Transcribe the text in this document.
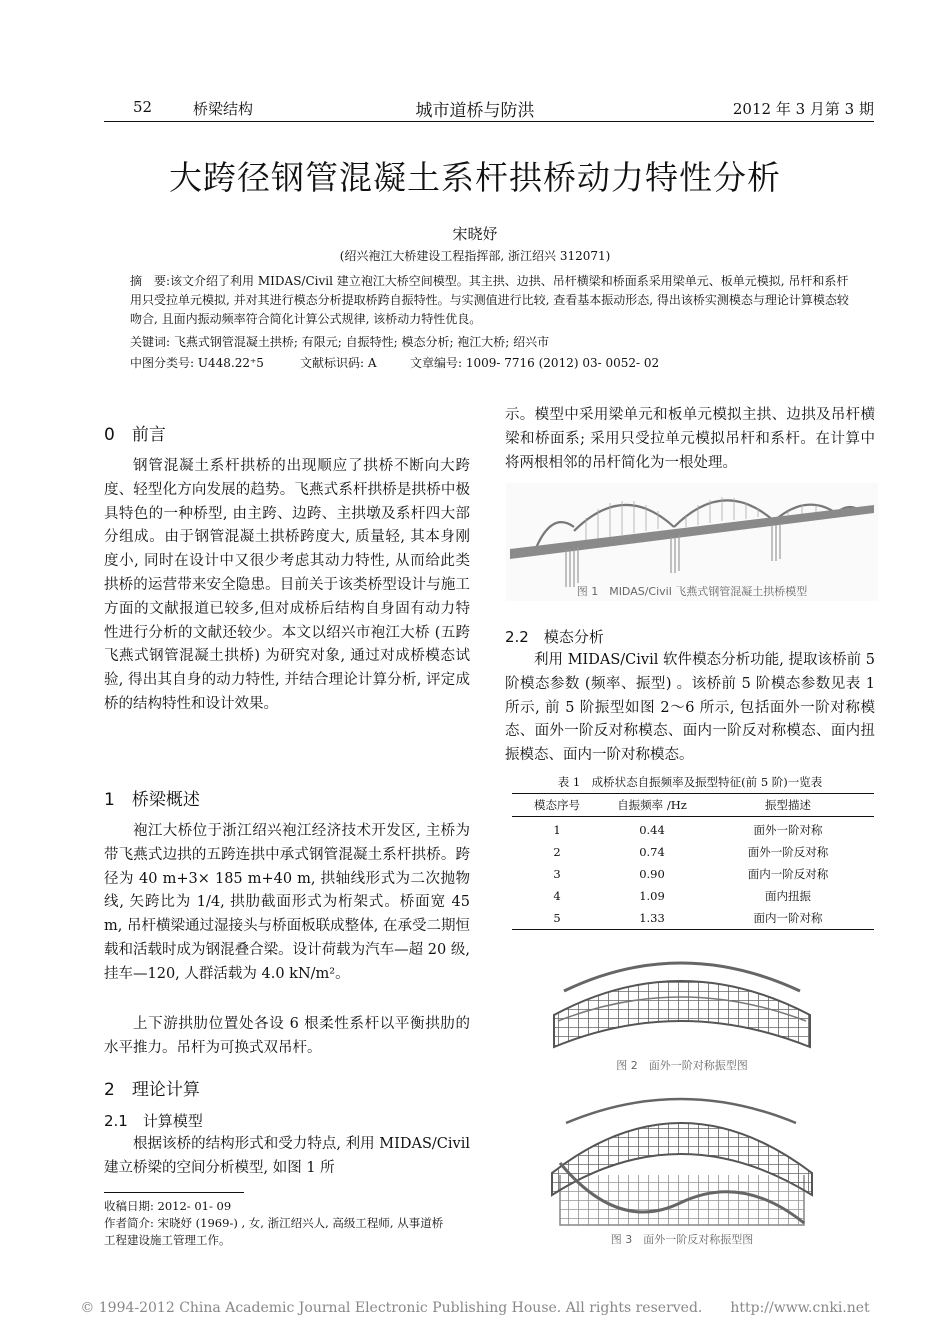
52	桥梁结构	城市道桥与防洪	2012 年 3 月第 3 期
大跨径钢管混凝土系杆拱桥动力特性分析
宋晓妤
(绍兴袍江大桥建设工程指挥部, 浙江绍兴 312071)

摘　要:该文介绍了利用 MIDAS/Civil 建立袍江大桥空间模型。其主拱、边拱、吊杆横梁和桥面系采用梁单元、板单元模拟, 吊杆和系杆用只受拉单元模拟, 并对其进行模态分析提取桥跨自振特性。与实测值进行比较, 查看基本振动形态, 得出该桥实测模态与理论计算模态较吻合, 且面内振动频率符合简化计算公式规律, 该桥动力特性优良。

关键词: 飞燕式钢管混凝土拱桥; 有限元; 自振特性; 模态分析; 袍江大桥; 绍兴市
中图分类号: U448.22⁺5	文献标识码: A	文章编号: 1009- 7716 (2012) 03- 0052- 02
0　前言

钢管混凝土系杆拱桥的出现顺应了拱桥不断向大跨度、轻型化方向发展的趋势。飞燕式系杆拱桥是拱桥中极具特色的一种桥型, 由主跨、边跨、主拱墩及系杆四大部分组成。由于钢管混凝土拱桥跨度大, 质量轻, 其本身刚度小, 同时在设计中又很少考虑其动力特性, 从而给此类拱桥的运营带来安全隐患。目前关于该类桥型设计与施工方面的文献报道已较多,但对成桥后结构自身固有动力特性进行分析的文献还较少。本文以绍兴市袍江大桥 (五跨飞燕式钢管混凝土拱桥) 为研究对象, 通过对成桥模态试验, 得出其自身的动力特性, 并结合理论计算分析, 评定成桥的结构特性和设计效果。

1　桥梁概述

袍江大桥位于浙江绍兴袍江经济技术开发区, 主桥为带飞燕式边拱的五跨连拱中承式钢管混凝土系杆拱桥。跨径为 40 m+3× 185 m+40 m, 拱轴线形式为二次抛物线, 矢跨比为 1/4, 拱肋截面形式为桁架式。桥面宽 45 m, 吊杆横梁通过湿接头与桥面板联成整体, 在承受二期恒载和活载时成为钢混叠合梁。设计荷载为汽车—超 20 级, 挂车—120, 人群活载为 4.0 kN/m²。

上下游拱肋位置处各设 6 根柔性系杆以平衡拱肋的水平推力。吊杆为可换式双吊杆。

2　理论计算
2.1　计算模型

根据该桥的结构形式和受力特点, 利用 MIDAS/Civil 建立桥梁的空间分析模型, 如图 1 所

收稿日期: 2012- 01- 09
作者简介: 宋晓妤 (1969-) , 女, 浙江绍兴人, 高级工程师, 从事道桥工程建设施工管理工作。

示。模型中采用梁单元和板单元模拟主拱、边拱及吊杆横梁和桥面系; 采用只受拉单元模拟吊杆和系杆。在计算中将两根相邻的吊杆简化为一根处理。

图 1　MIDAS/Civil 飞燕式钢管混凝土拱桥模型
2.2　模态分析

利用 MIDAS/Civil 软件模态分析功能, 提取该桥前 5 阶模态参数 (频率、振型) 。该桥前 5 阶模态参数见表 1 所示, 前 5 阶振型如图 2～6 所示, 包括面外一阶对称模态、面外一阶反对称模态、面内一阶反对称模态、面内扭振模态、面内一阶对称模态。

表 1　成桥状态自振频率及振型特征(前 5 阶)一览表
模态序号	自振频率 /Hz	振型描述
1	0.44	面外一阶对称
2	0.74	面外一阶反对称
3	0.90	面内一阶反对称
4	1.09	面内扭振
5	1.33	面内一阶对称
图 2　面外一阶对称振型图
图 3　面外一阶反对称振型图
© 1994-2012 China Academic Journal Electronic Publishing House. All rights reserved.　　http://www.cnki.net
